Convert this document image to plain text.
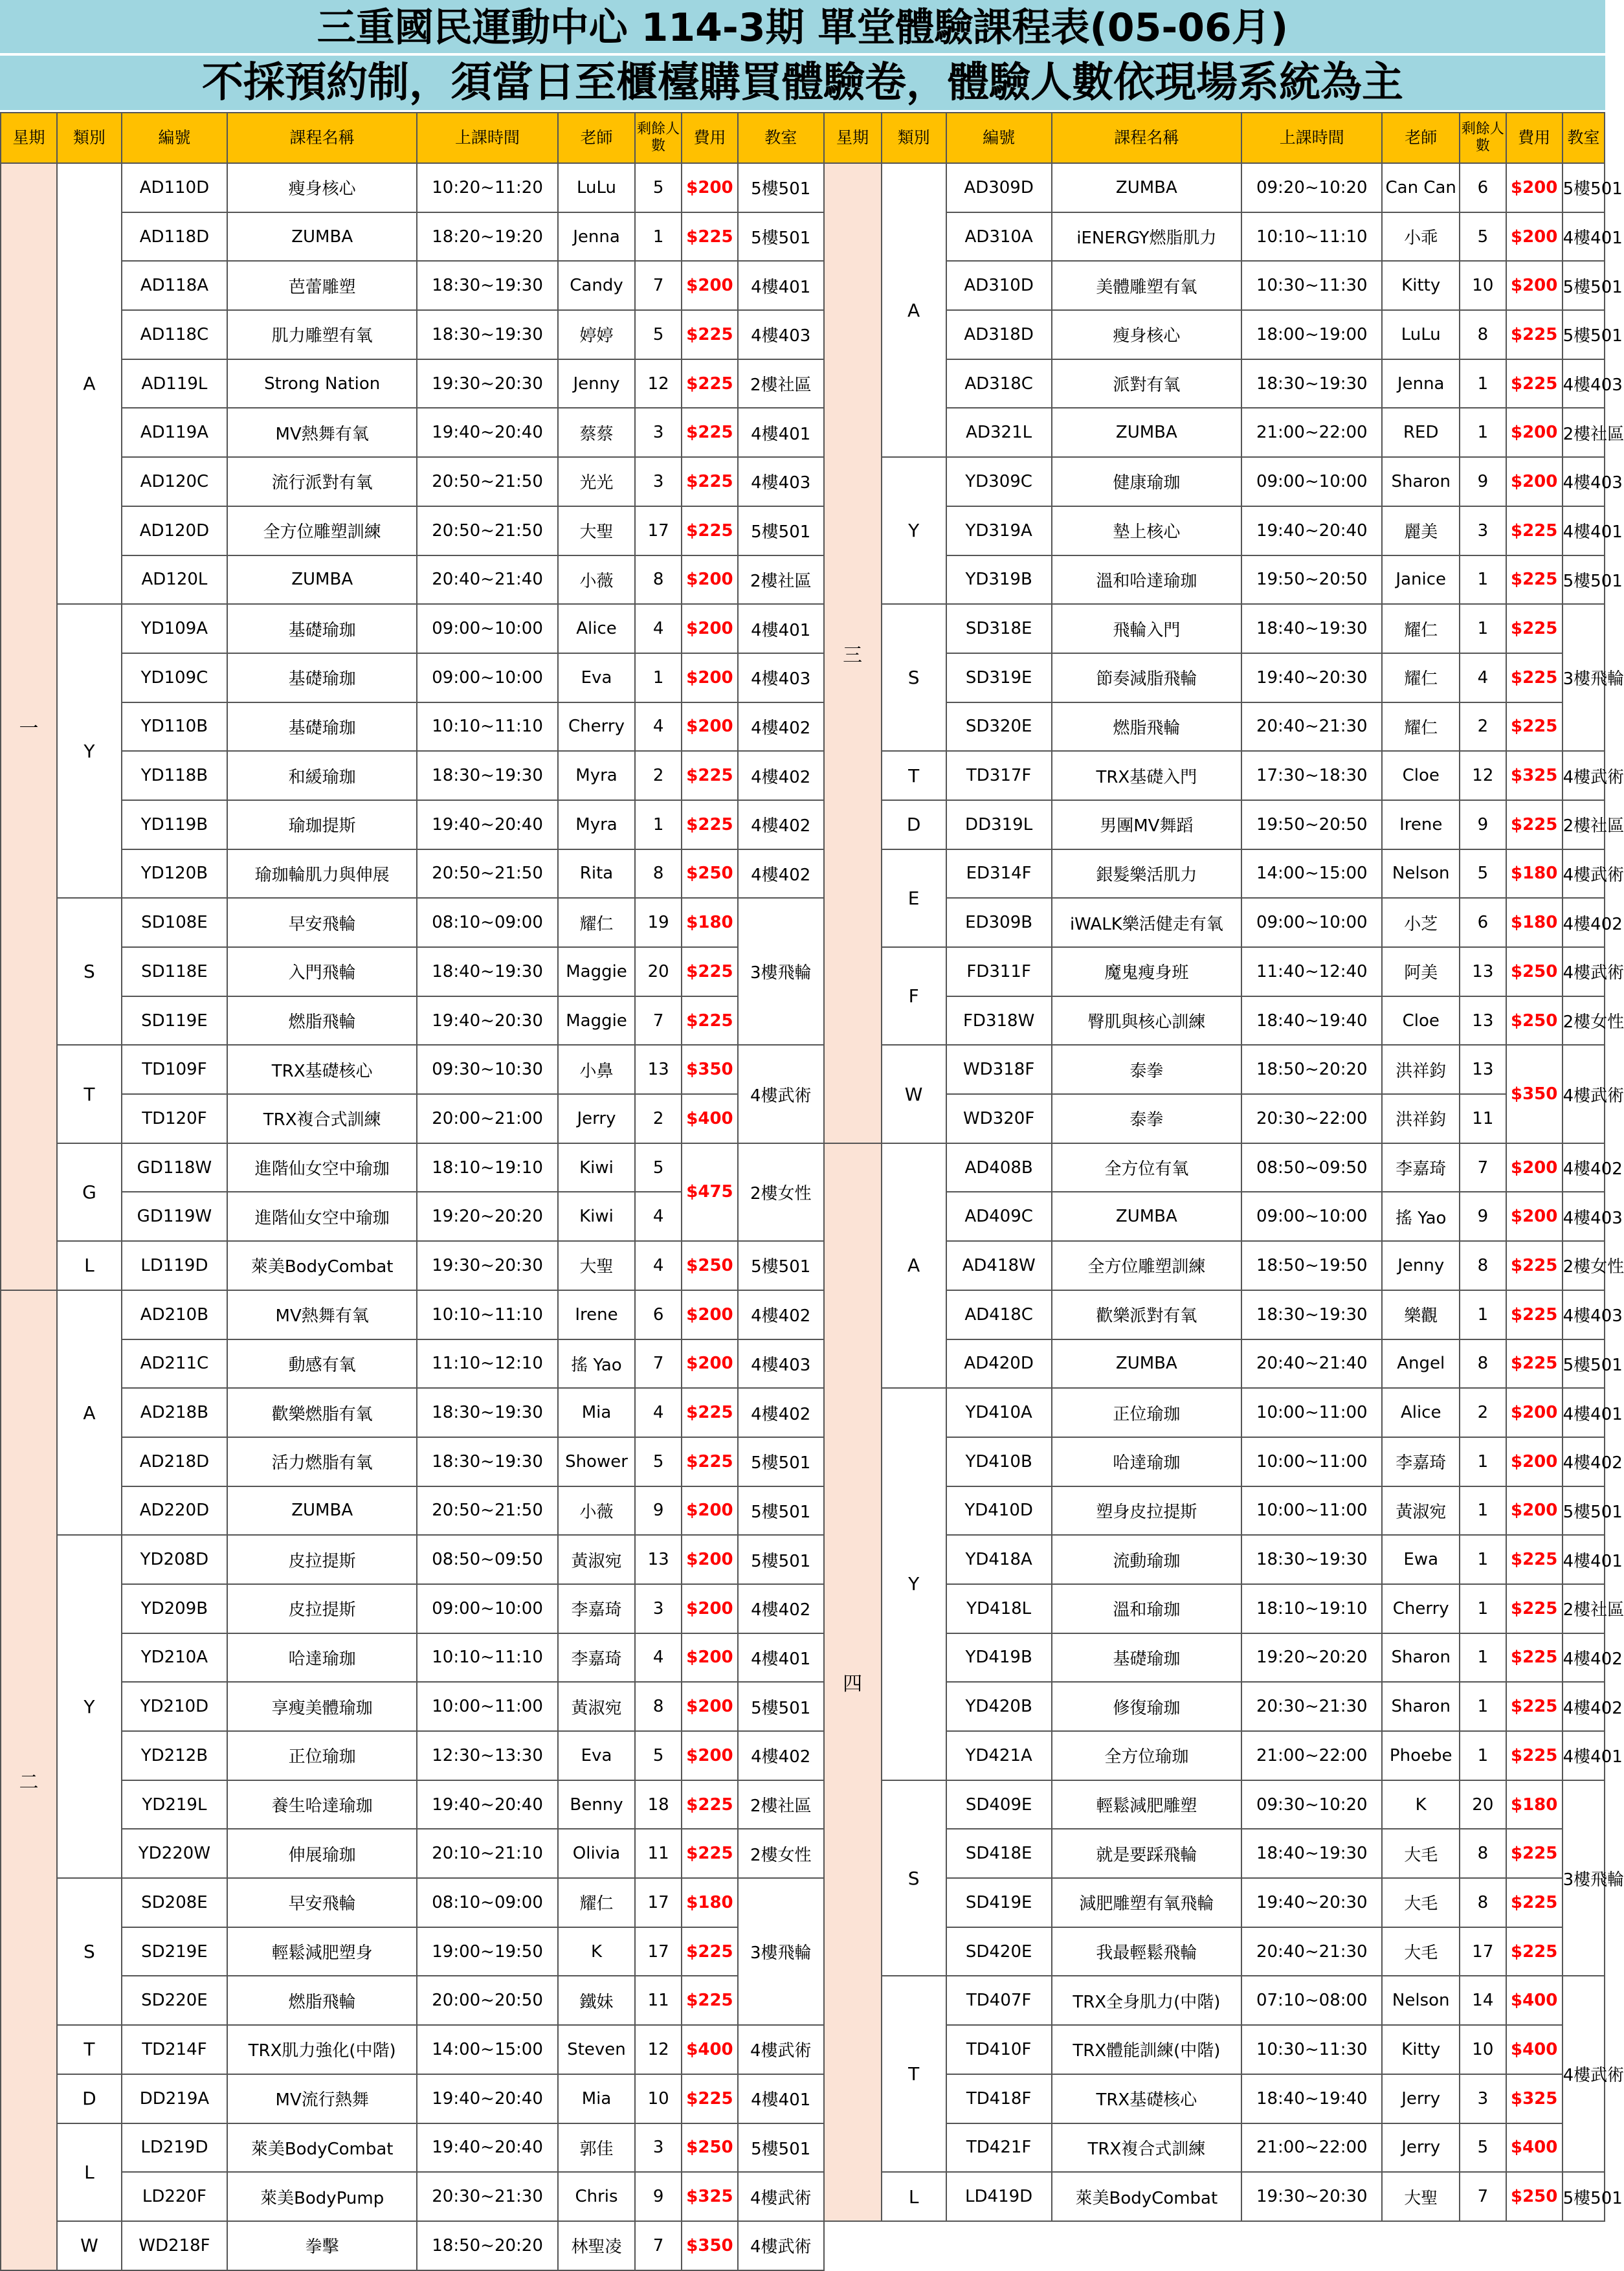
三重國民運動中心 114-3期 單堂體驗課程表(05-06月)
不採預約制，須當日至櫃檯購買體驗卷，體驗人數依現場系統為主
星期	類別	編號	課程名稱	上課時間	老師	剩餘人數	費用	教室	星期	類別	編號	課程名稱	上課時間	老師	剩餘人數	費用	教室
一	A	AD110D	瘦身核心	10:20~11:20	LuLu	5	$200	5樓501	三	A	AD309D	ZUMBA	09:20~10:20	Can Can	6	$200	5樓501
		AD118D	ZUMBA	18:20~19:20	Jenna	1	$225	5樓501			AD310A	iENERGY燃脂肌力	10:10~11:10	小乖	5	$200	4樓401
		AD118A	芭蕾雕塑	18:30~19:30	Candy	7	$200	4樓401			AD310D	美體雕塑有氧	10:30~11:30	Kitty	10	$200	5樓501
		AD118C	肌力雕塑有氧	18:30~19:30	婷婷	5	$225	4樓403			AD318D	瘦身核心	18:00~19:00	LuLu	8	$225	5樓501
		AD119L	Strong Nation	19:30~20:30	Jenny	12	$225	2樓社區			AD318C	派對有氧	18:30~19:30	Jenna	1	$225	4樓403
		AD119A	MV熱舞有氧	19:40~20:40	蔡蔡	3	$225	4樓401			AD321L	ZUMBA	21:00~22:00	RED	1	$200	2樓社區
		AD120C	流行派對有氧	20:50~21:50	光光	3	$225	4樓403		Y	YD309C	健康瑜珈	09:00~10:00	Sharon	9	$200	4樓403
		AD120D	全方位雕塑訓練	20:50~21:50	大聖	17	$225	5樓501			YD319A	墊上核心	19:40~20:40	麗美	3	$225	4樓401
		AD120L	ZUMBA	20:40~21:40	小薇	8	$200	2樓社區			YD319B	溫和哈達瑜珈	19:50~20:50	Janice	1	$225	5樓501
	Y	YD109A	基礎瑜珈	09:00~10:00	Alice	4	$200	4樓401		S	SD318E	飛輪入門	18:40~19:30	耀仁	1	$225	3樓飛輪
		YD109C	基礎瑜珈	09:00~10:00	Eva	1	$200	4樓403			SD319E	節奏減脂飛輪	19:40~20:30	耀仁	4	$225	
		YD110B	基礎瑜珈	10:10~11:10	Cherry	4	$200	4樓402			SD320E	燃脂飛輪	20:40~21:30	耀仁	2	$225	
		YD118B	和緩瑜珈	18:30~19:30	Myra	2	$225	4樓402		T	TD317F	TRX基礎入門	17:30~18:30	Cloe	12	$325	4樓武術
		YD119B	瑜珈提斯	19:40~20:40	Myra	1	$225	4樓402		D	DD319L	男團MV舞蹈	19:50~20:50	Irene	9	$225	2樓社區
		YD120B	瑜珈輪肌力與伸展	20:50~21:50	Rita	8	$250	4樓402		E	ED314F	銀髮樂活肌力	14:00~15:00	Nelson	5	$180	4樓武術
	S	SD108E	早安飛輪	08:10~09:00	耀仁	19	$180	3樓飛輪			ED309B	iWALK樂活健走有氧	09:00~10:00	小芝	6	$180	4樓402
		SD118E	入門飛輪	18:40~19:30	Maggie	20	$225			F	FD311F	魔鬼瘦身班	11:40~12:40	阿美	13	$250	4樓武術
		SD119E	燃脂飛輪	19:40~20:30	Maggie	7	$225				FD318W	臀肌與核心訓練	18:40~19:40	Cloe	13	$250	2樓女性
	T	TD109F	TRX基礎核心	09:30~10:30	小鼻	13	$350	4樓武術		W	WD318F	泰拳	18:50~20:20	洪祥鈞	13	$350	4樓武術
		TD120F	TRX複合式訓練	20:00~21:00	Jerry	2	$400				WD320F	泰拳	20:30~22:00	洪祥鈞	11		
	G	GD118W	進階仙女空中瑜珈	18:10~19:10	Kiwi	5	$475	2樓女性	四	A	AD408B	全方位有氧	08:50~09:50	李嘉琦	7	$200	4樓402
		GD119W	進階仙女空中瑜珈	19:20~20:20	Kiwi	4					AD409C	ZUMBA	09:00~10:00	搖 Yao	9	$200	4樓403
	L	LD119D	萊美BodyCombat	19:30~20:30	大聖	4	$250	5樓501			AD418W	全方位雕塑訓練	18:50~19:50	Jenny	8	$225	2樓女性
二	A	AD210B	MV熱舞有氧	10:10~11:10	Irene	6	$200	4樓402			AD418C	歡樂派對有氧	18:30~19:30	樂觀	1	$225	4樓403
		AD211C	動感有氧	11:10~12:10	搖 Yao	7	$200	4樓403			AD420D	ZUMBA	20:40~21:40	Angel	8	$225	5樓501
		AD218B	歡樂燃脂有氧	18:30~19:30	Mia	4	$225	4樓402		Y	YD410A	正位瑜珈	10:00~11:00	Alice	2	$200	4樓401
		AD218D	活力燃脂有氧	18:30~19:30	Shower	5	$225	5樓501			YD410B	哈達瑜珈	10:00~11:00	李嘉琦	1	$200	4樓402
		AD220D	ZUMBA	20:50~21:50	小薇	9	$200	5樓501			YD410D	塑身皮拉提斯	10:00~11:00	黃淑宛	1	$200	5樓501
	Y	YD208D	皮拉提斯	08:50~09:50	黃淑宛	13	$200	5樓501			YD418A	流動瑜珈	18:30~19:30	Ewa	1	$225	4樓401
		YD209B	皮拉提斯	09:00~10:00	李嘉琦	3	$200	4樓402			YD418L	溫和瑜珈	18:10~19:10	Cherry	1	$225	2樓社區
		YD210A	哈達瑜珈	10:10~11:10	李嘉琦	4	$200	4樓401			YD419B	基礎瑜珈	19:20~20:20	Sharon	1	$225	4樓402
		YD210D	享瘦美體瑜珈	10:00~11:00	黃淑宛	8	$200	5樓501			YD420B	修復瑜珈	20:30~21:30	Sharon	1	$225	4樓402
		YD212B	正位瑜珈	12:30~13:30	Eva	5	$200	4樓402			YD421A	全方位瑜珈	21:00~22:00	Phoebe	1	$225	4樓401
		YD219L	養生哈達瑜珈	19:40~20:40	Benny	18	$225	2樓社區		S	SD409E	輕鬆減肥雕塑	09:30~10:20	K	20	$180	3樓飛輪
		YD220W	伸展瑜珈	20:10~21:10	Olivia	11	$225	2樓女性			SD418E	就是要踩飛輪	18:40~19:30	大毛	8	$225	
	S	SD208E	早安飛輪	08:10~09:00	耀仁	17	$180	3樓飛輪			SD419E	減肥雕塑有氧飛輪	19:40~20:30	大毛	8	$225	
		SD219E	輕鬆減肥塑身	19:00~19:50	K	17	$225				SD420E	我最輕鬆飛輪	20:40~21:30	大毛	17	$225	
		SD220E	燃脂飛輪	20:00~20:50	鐵妹	11	$225			T	TD407F	TRX全身肌力(中階)	07:10~08:00	Nelson	14	$400	4樓武術
	T	TD214F	TRX肌力強化(中階)	14:00~15:00	Steven	12	$400	4樓武術			TD410F	TRX體能訓練(中階)	10:30~11:30	Kitty	10	$400	
	D	DD219A	MV流行熱舞	19:40~20:40	Mia	10	$225	4樓401			TD418F	TRX基礎核心	18:40~19:40	Jerry	3	$325	
	L	LD219D	萊美BodyCombat	19:40~20:40	郭佳	3	$250	5樓501			TD421F	TRX複合式訓練	21:00~22:00	Jerry	5	$400	
		LD220F	萊美BodyPump	20:30~21:30	Chris	9	$325	4樓武術		L	LD419D	萊美BodyCombat	19:30~20:30	大聖	7	$250	5樓501
	W	WD218F	拳擊	18:50~20:20	林聖凌	7	$350	4樓武術									
